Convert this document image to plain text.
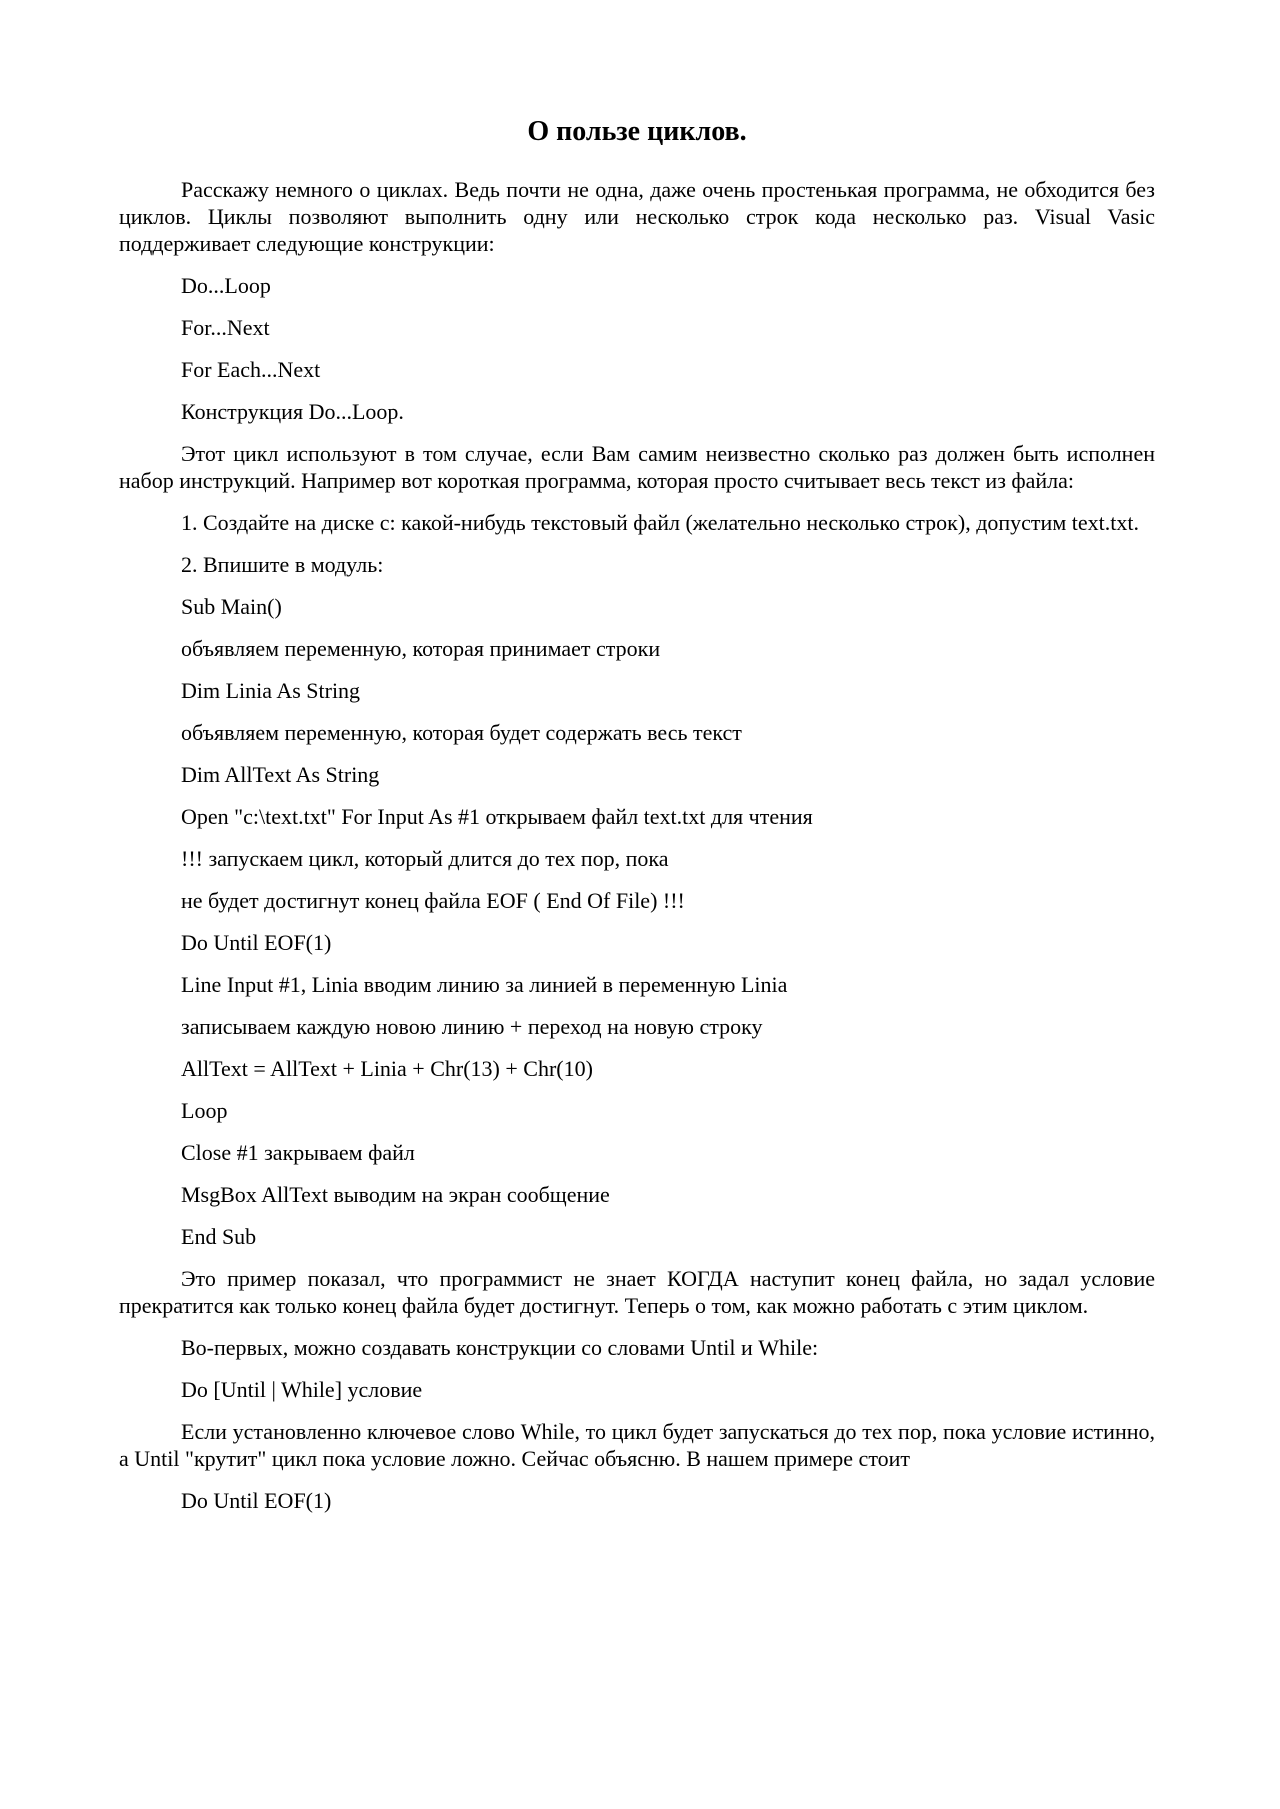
О пользе циклов.

Расскажу немного о циклах. Ведь почти не одна, даже очень простенькая программа, не обходится без циклов. Циклы позволяют выполнить одну или несколько строк кода несколько раз. Visual Vasic поддерживает следующие конструкции:

Do...Loop

For...Next

For Each...Next

Конструкция Do...Loop.

Этот цикл используют в том случае, если Вам самим неизвестно сколько раз должен быть исполнен набор инструкций. Например вот короткая программа, которая просто считывает весь текст из файла:

1. Создайте на диске с: какой-нибудь текстовый файл (желательно несколько строк), допустим text.txt.

2. Впишите в модуль:

Sub Main()

объявляем переменную, которая принимает строки

Dim Linia As String

объявляем переменную, которая будет содержать весь текст

Dim AllText As String

Open "c:\text.txt" For Input As #1 открываем файл text.txt для чтения

!!! запускаем цикл, который длится до тех пор, пока

не будет достигнут конец файла EOF ( End Of File) !!!

Do Until EOF(1)

Line Input #1, Linia вводим линию за линией в переменную Linia

записываем каждую новою линию + переход на новую строку

AllText = AllText + Linia + Chr(13) + Chr(10)

Loop

Close #1 закрываем файл

MsgBox AllText выводим на экран сообщение

End Sub

Это пример показал, что программист не знает КОГДА наступит конец файла, но задал условие прекратится как только конец файла будет достигнут. Теперь о том, как можно работать с этим циклом.

Во-первых, можно создавать конструкции со словами Until и While:

Do [Until | While] условие

Если установленно ключевое слово While, то цикл будет запускаться до тех пор, пока условие истинно, а Until "крутит" цикл пока условие ложно. Сейчас объясню. В нашем примере стоит

Do Until EOF(1)
